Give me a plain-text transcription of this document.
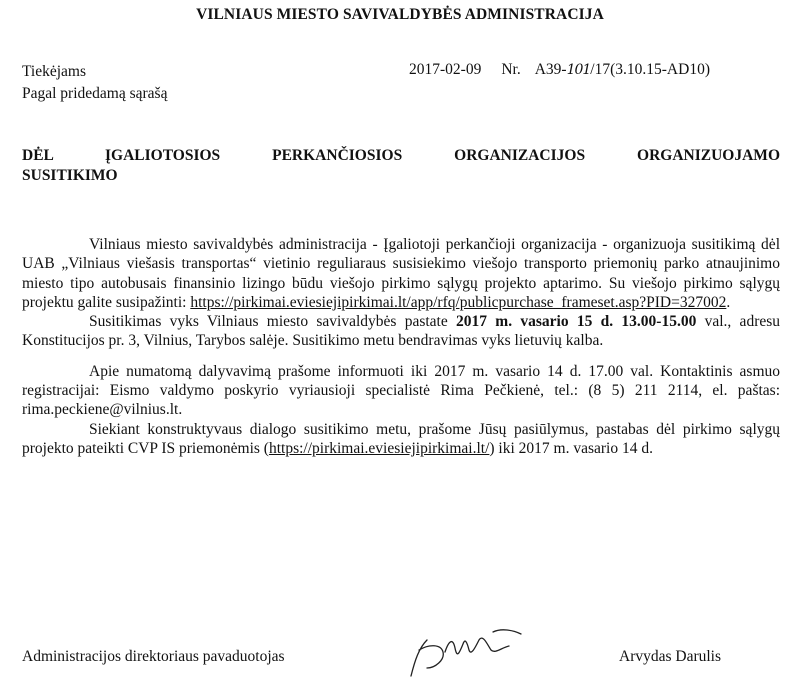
VILNIAUS MIESTO SAVIVALDYBĖS ADMINISTRACIJA
Tiekėjams
Pagal pridedamą sąrašą
2017-02-09 Nr. A39-101/17(3.10.15-AD10)
DĖL ĮGALIOTOSIOS PERKANČIOSIOS ORGANIZACIJOS ORGANIZUOJAMO
SUSITIKIMO

Vilniaus miesto savivaldybės administracija - Įgaliotoji perkančioji organizacija - organizuoja susitikimą dėl UAB „Vilniaus viešasis transportas“ vietinio reguliaraus susisiekimo viešojo transporto priemonių parko atnaujinimo miesto tipo autobusais finansinio lizingo būdu viešojo pirkimo sąlygų projekto aptarimo. Su viešojo pirkimo sąlygų projektu galite susipažinti: https://pirkimai.eviesiejipirkimai.lt/app/rfq/publicpurchase_frameset.asp?PID=327002.

Susitikimas vyks Vilniaus miesto savivaldybės pastate 2017 m. vasario 15 d. 13.00-15.00 val., adresu Konstitucijos pr. 3, Vilnius, Tarybos salėje. Susitikimo metu bendravimas vyks lietuvių kalba.

Apie numatomą dalyvavimą prašome informuoti iki 2017 m. vasario 14 d. 17.00 val. Kontaktinis asmuo registracijai: Eismo valdymo poskyrio vyriausioji specialistė Rima Pečkienė, tel.: (8 5) 211 2114, el. paštas: rima.peckiene@vilnius.lt.

Siekiant konstruktyvaus dialogo susitikimo metu, prašome Jūsų pasiūlymus, pastabas dėl pirkimo sąlygų projekto pateikti CVP IS priemonėmis (https://pirkimai.eviesiejipirkimai.lt/) iki 2017 m. vasario 14 d.

Administracijos direktoriaus pavaduotojas	Arvydas Darulis
